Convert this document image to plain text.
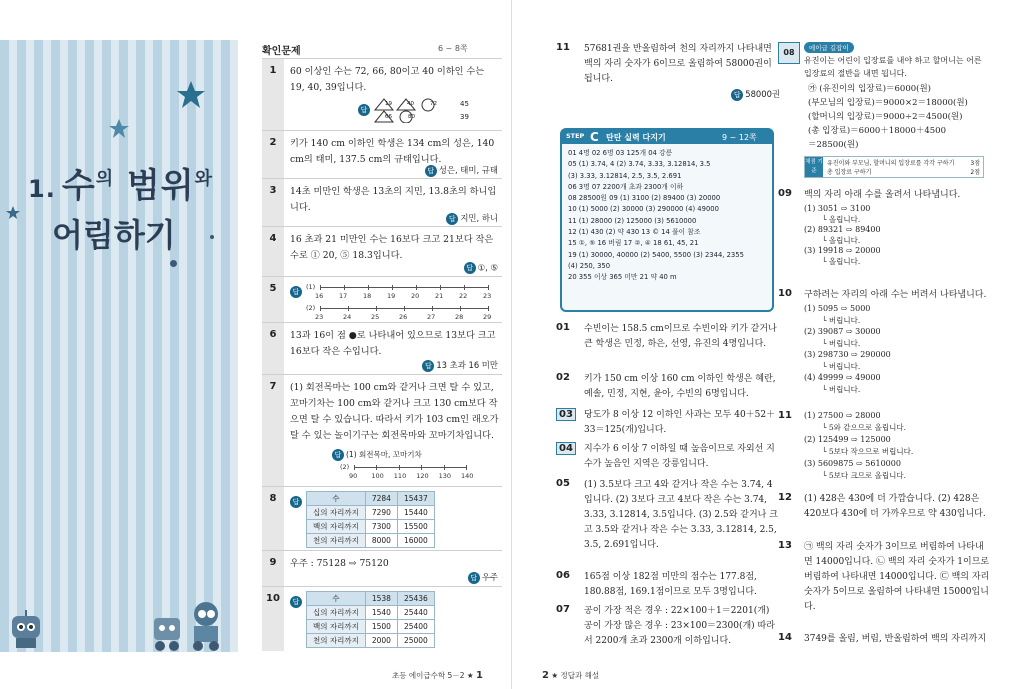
1. 수$^의$ 범위$^와$
어림하기
확인문제	6 ~ 8쪽
1	60 이상인 수는 72, 66, 80이고 40 이하인 수는 19, 40, 39입니다.
답
19	40	72	45
66	80	39
2	키가 140 cm 이하인 학생은 134 cm의 성은, 140 cm의 태미, 137.5 cm의 규태입니다.
답 성은, 태미, 규태
3	14초 미만인 학생은 13초의 지민, 13.8초의 하니입니다.
답 지민, 하니
4	16 초과 21 미만인 수는 16보다 크고 21보다 작은 수로 ① 20, ⑤ 18.3입니다.
답 ①, ⑤
5	답
(1)
16 17 18 19 20 21 22 23
(2)
23	24	25	26	27	28	29
6	13과 16이 점 ●로 나타내어 있으므로 13보다 크고 16보다 작은 수입니다.
답 13 초과 16 미만
7	(1) 회전목마는 100 cm와 같거나 크면 탈 수 있고, 꼬마기차는 100 cm와 같거나 크고 130 cm보다 작으면 탈 수 있습니다. 따라서 키가 103 cm인 래오가 탈 수 있는 놀이기구는 회전목마와 꼬마기차입니다.
답 (1) 회전목마, 꼬마기차
(2)
90 100 110 120 130 140
8	답	수	7284	15437
십의 자리까지	7290	15440
백의 자리까지	7300	15500
천의 자리까지	8000	16000
9	우주 : 75128 ⇨ 75120
답 우주
10	답	수	1538	25436
십의 자리까지	1540	25440
백의 자리까지	1500	25400
천의 자리까지	2000	25000
초등 에이급수학 5－2 ★ 1
11 57681권을 반올림하여 천의 자리까지 나타내면 백의 자리 숫자가 6이므로 올림하여 58000권이 됩니다.
답 58000권
STEP C 탄탄 실력 다지기	9 ~ 12쪽
01 4명 02 6명 03 125개 04 강릉
05 (1) 3.74, 4 (2) 3.74, 3.33, 3.12814, 3.5
(3) 3.33, 3.12814, 2.5, 3.5, 2.691
06 3명 07 2200개 초과 2300개 이하
08 28500원 09 (1) 3100 (2) 89400 (3) 20000
10 (1) 5000 (2) 30000 (3) 290000 (4) 49000
11 (1) 28000 (2) 125000 (3) 5610000
12 (1) 430 (2) 약 430 13 © 14 풀이 참조
15 ①, ⑤ 16 버림 17 ②, ④ 18 61, 45, 21
19 (1) 30000, 40000 (2) 5400, 5500 (3) 2344, 2355
(4) 250, 350
20 355 이상 365 미만 21 약 40 m
01 수빈이는 158.5 cm이므로 수빈이와 키가 같거나 큰 학생은 민정, 하은, 선영, 유진의 4명입니다.
02 키가 150 cm 이상 160 cm 이하인 학생은 혜란, 예솔, 민정, 지현, 윤아, 수빈의 6명입니다.
03	당도가 8 이상 12 이하인 사과는 모두 40＋52＋33＝125(개)입니다.
04	지수가 6 이상 7 이하일 때 높음이므로 자외선 지수가 높음인 지역은 강릉입니다.
05 (1) 3.5보다 크고 4와 같거나 작은 수는 3.74, 4입니다. (2) 3보다 크고 4보다 작은 수는 3.74, 3.33, 3.12814, 3.5입니다. (3) 2.5와 같거나 크고 3.5와 같거나 작은 수는 3.33, 3.12814, 2.5, 3.5, 2.691입니다.
06 165점 이상 182점 미만의 점수는 177.8점, 180.88점, 169.1점이므로 모두 3명입니다.
07 공이 가장 적은 경우 : 22×100＋1＝2201(개) 공이 가장 많은 경우 : 23×100＝2300(개) 따라서 2200개 초과 2300개 이하입니다.
2 ★ 정답과 해설
08	에이급 길잡이
유진이는 어린이 입장료를 내야 하고 할머니는 어른 입장료의 절반을 내면 됩니다.
㉮ (유진이의 입장료)＝6000(원)
(부모님의 입장료)＝9000×2＝18000(원)
(할머니의 입장료)＝9000÷2＝4500(원)
(총 입장료)＝6000＋18000＋4500
＝28500(원)
채점 기준
유진이와 부모님, 할머니의 입장료를 각각 구하기	3점
총 입장료 구하기	2점
09 백의 자리 아래 수를 올려서 나타냅니다.
(1) 3051 ⇨ 3100
└ 올립니다.
(2) 89321 ⇨ 89400
└ 올립니다.
(3) 19918 ⇨ 20000
└ 올립니다.
10 구하려는 자리의 아래 수는 버려서 나타냅니다.
(1) 5095 ⇨ 5000
└ 버립니다.
(2) 39087 ⇨ 30000
└ 버립니다.
(3) 298730 ⇨ 290000
└ 버립니다.
(4) 49999 ⇨ 49000
└ 버립니다.
11 (1) 27500 ⇨ 28000
└ 5와 같으므로 올립니다.
(2) 125499 ⇨ 125000
└ 5보다 작으므로 버립니다.
(3) 5609875 ⇨ 5610000
└ 5보다 크므로 올립니다.
12 (1) 428은 430에 더 가깝습니다. (2) 428은 420보다 430에 더 가까우므로 약 430입니다.
13 ㉠ 백의 자리 숫자가 3이므로 버림하여 나타내면 14000입니다. ㉡ 백의 자리 숫자가 1이므로 버림하여 나타내면 14000입니다. ㉢ 백의 자리 숫자가 5이므로 올림하여 나타내면 15000입니다.
14 3749를 올림, 버림, 반올림하여 백의 자리까지
